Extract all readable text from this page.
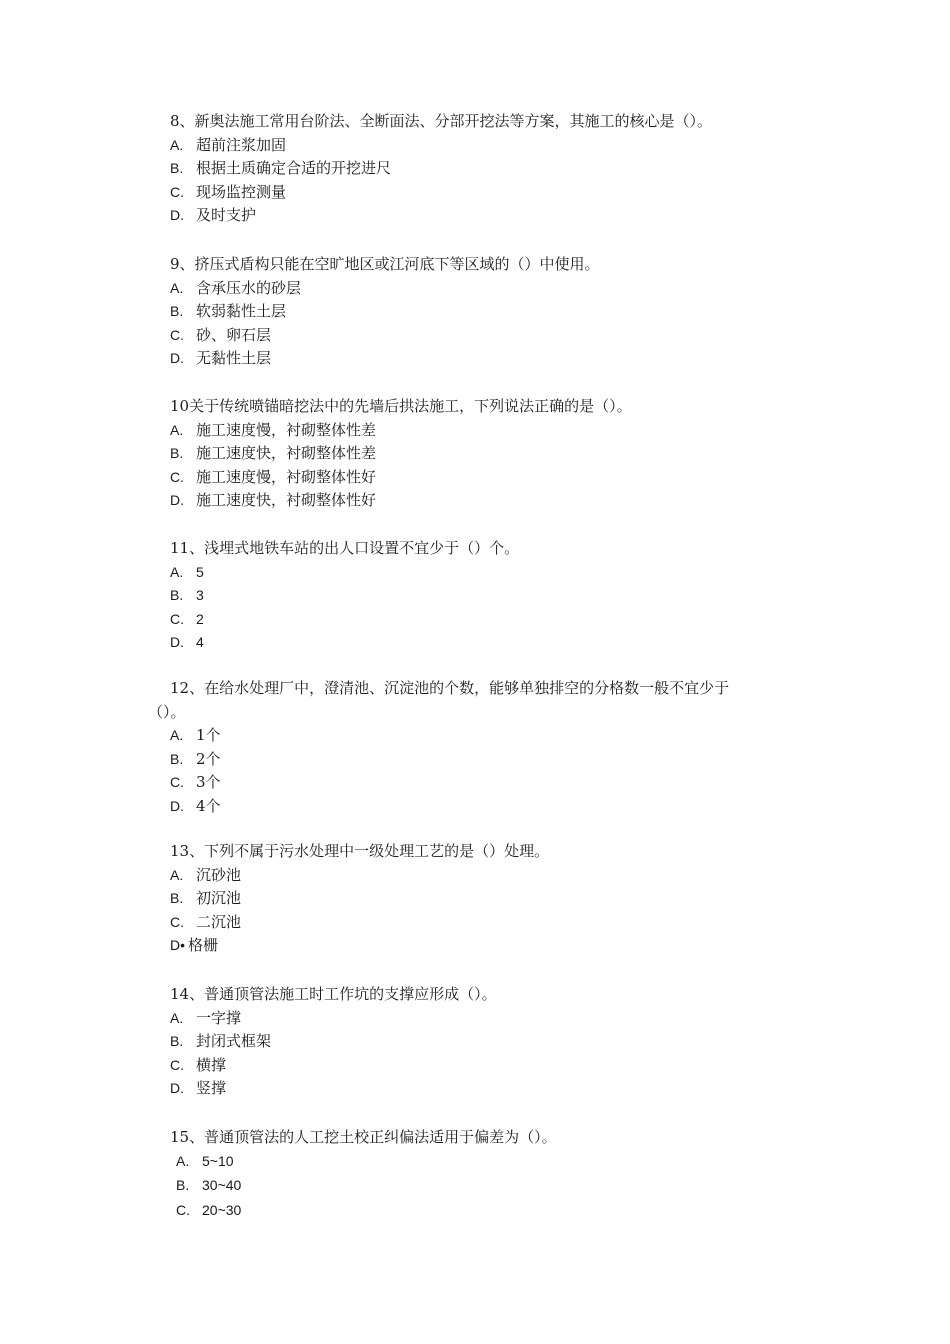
8、新奥法施工常用台阶法、全断面法、分部开挖法等方案，其施工的核心是（）。

A. 超前注浆加固
B. 根据土质确定合适的开挖进尺
C. 现场监控测量
D. 及时支护

9、挤压式盾构只能在空旷地区或江河底下等区域的（）中使用。

A. 含承压水的砂层
B. 软弱黏性土层
C. 砂、卵石层
D. 无黏性土层

10关于传统喷锚暗挖法中的先墙后拱法施工，下列说法正确的是（）。

A. 施工速度慢，衬砌整体性差
B. 施工速度快，衬砌整体性差
C. 施工速度慢，衬砌整体性好
D. 施工速度快，衬砌整体性好

11、浅埋式地铁车站的出人口设置不宜少于（）个。

A. 5
B. 3
C. 2
D. 4

12、在给水处理厂中，澄清池、沉淀池的个数，能够单独排空的分格数一般不宜少于

（）。

A. 1个
B. 2个
C. 3个
D. 4个

13、下列不属于污水处理中一级处理工艺的是（）处理。

A. 沉砂池
B. 初沉池
C. 二沉池
D• 格栅

14、普通顶管法施工时工作坑的支撑应形成（）。

A. 一字撑
B. 封闭式框架
C. 横撑
D. 竖撑

15、普通顶管法的人工挖土校正纠偏法适用于偏差为（）。

A. 5~10
B. 30~40
C. 20~30
